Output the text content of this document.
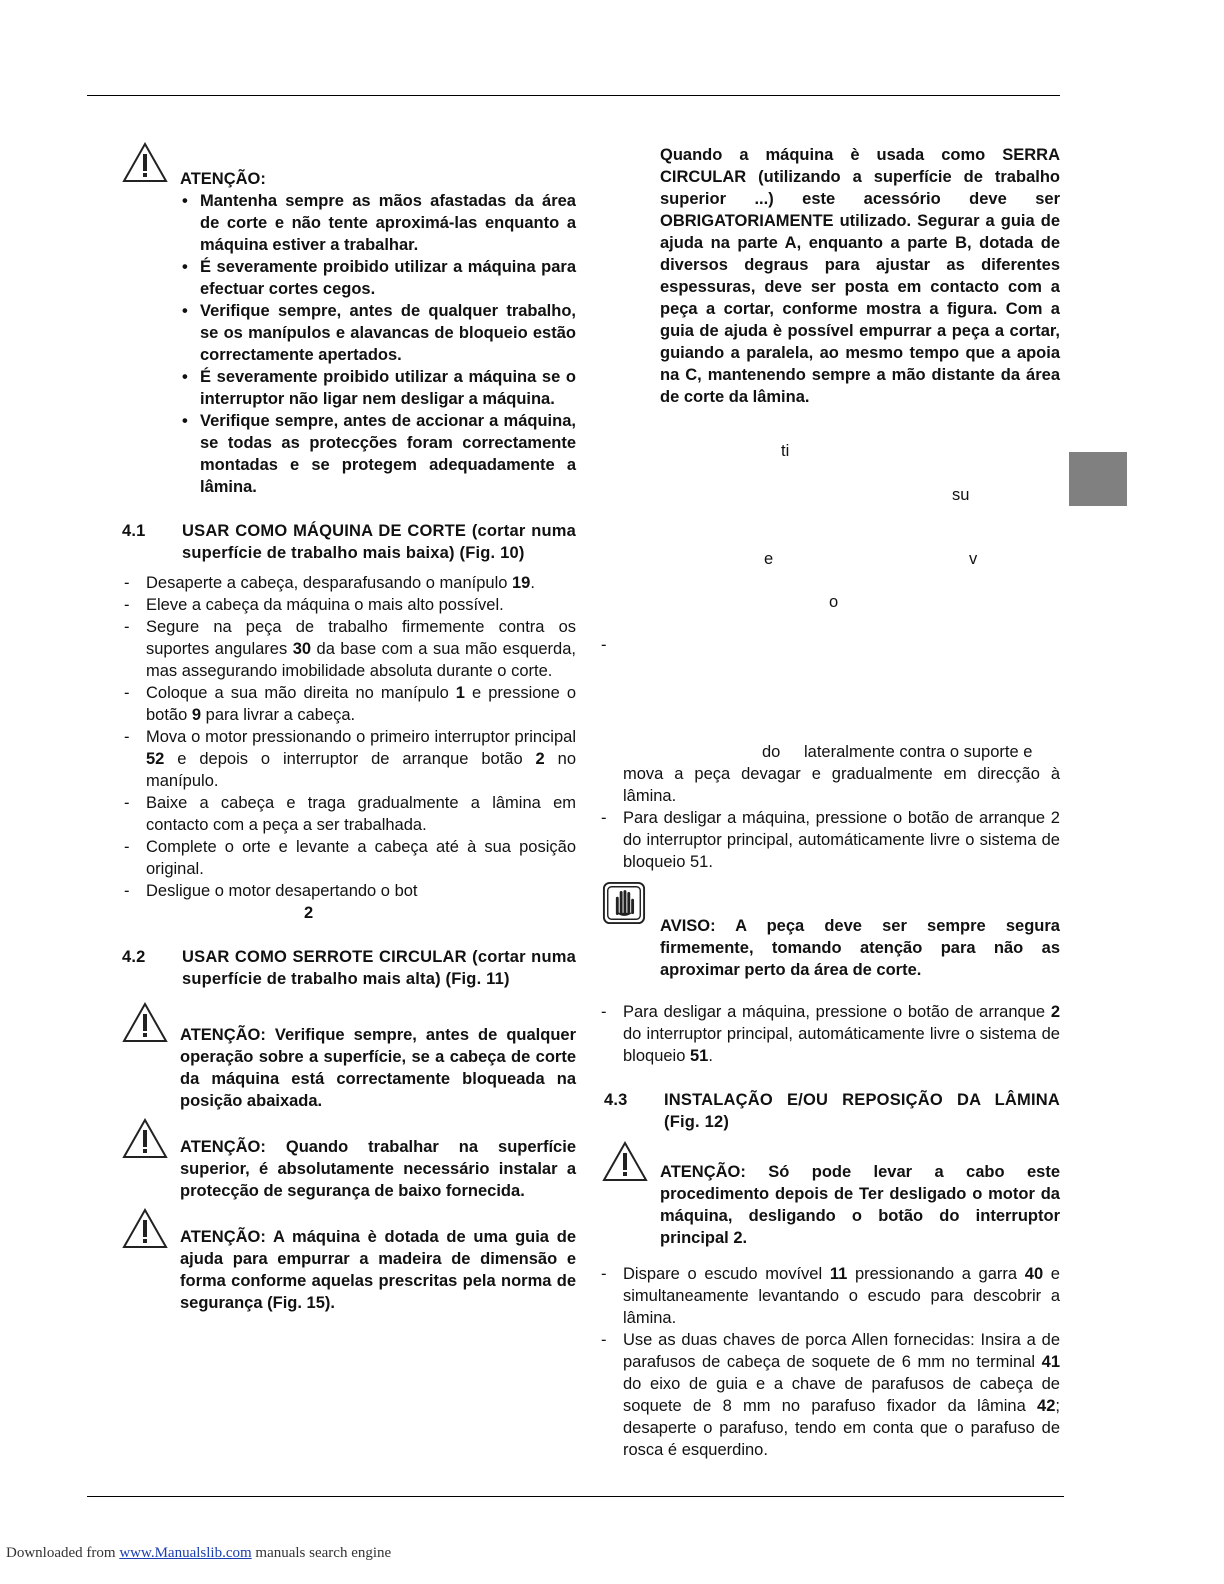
ATENÇÃO:
• Mantenha sempre as mãos afastadas da área de corte e não tente aproximá-las enquanto a máquina estiver a trabalhar.
• É severamente proibido utilizar a máquina para efectuar cortes cegos.
• Verifique sempre, antes de qualquer trabalho, se os manípulos e alavancas de bloqueio estão correctamente apertados.
• É severamente proibido utilizar a máquina se o interruptor não ligar nem desligar a máquina.
• Verifique sempre, antes de accionar a máquina, se todas as protecções foram correctamente montadas e se protegem adequadamente a lâmina.
4.1 USAR COMO MÁQUINA DE CORTE (cortar numa superfície de trabalho mais baixa) (Fig. 10)
- Desaperte a cabeça, desparafusando o manípulo 19.
- Eleve a cabeça da máquina o mais alto possível.
- Segure na peça de trabalho firmemente contra os suportes angulares 30 da base com a sua mão esquerda, mas assegurando imobilidade absoluta durante o corte.
- Coloque a sua mão direita no manípulo 1 e pressione o botão 9 para livrar a cabeça.
- Mova o motor pressionando o primeiro interruptor principal 52 e depois o interruptor de arranque botão 2 no manípulo.
- Baixe a cabeça e traga gradualmente a lâmina em contacto com a peça a ser trabalhada.
- Complete o orte e levante a cabeça até à sua posição original.
- Desligue o motor desapertando o bot
2
4.2 USAR COMO SERROTE CIRCULAR (cortar numa superfície de trabalho mais alta) (Fig. 11)

ATENÇÃO: Verifique sempre, antes de qualquer operação sobre a superfície, se a cabeça de corte da máquina está correctamente bloqueada na posição abaixada.

ATENÇÃO: Quando trabalhar na superfície superior, é absolutamente necessário instalar a protecção de segurança de baixo fornecida.

ATENÇÃO: A máquina è dotada de uma guia de ajuda para empurrar a madeira de dimensão e forma conforme aquelas prescritas pela norma de segurança (Fig. 15).

Quando a máquina è usada como SERRA CIRCULAR (utilizando a superfície de trabalho superior ...) este acessório deve ser OBRIGATORIAMENTE utilizado. Segurar a guia de ajuda na parte A, enquanto a parte B, dotada de diversos degraus para ajustar as diferentes espessuras, deve ser posta em contacto com a peça a cortar, conforme mostra a figura. Com a guia de ajuda è possível empurrar a peça a cortar, guiando a paralela, ao mesmo tempo que a apoia na C, mantenendo sempre a mão distante da área de corte da lâmina.

ti
su
e	v
o
-
do lateralmente contra o suporte e

mova a peça devagar e gradualmente em direcção à lâmina.

- Para desligar a máquina, pressione o botão de arranque 2 do interruptor principal, automáticamente livre o sistema de bloqueio 51.

AVISO: A peça deve ser sempre segura firmemente, tomando atenção para não as aproximar perto da área de corte.

- Para desligar a máquina, pressione o botão de arranque 2 do interruptor principal, automáticamente livre o sistema de bloqueio 51.
4.3 INSTALAÇÃO E/OU REPOSIÇÃO DA LÂMINA (Fig. 12)

ATENÇÃO: Só pode levar a cabo este procedimento depois de Ter desligado o motor da máquina, desligando o botão do interruptor principal 2.

- Dispare o escudo movível 11 pressionando a garra 40 e simultaneamente levantando o escudo para descobrir a lâmina.
- Use as duas chaves de porca Allen fornecidas: Insira a de parafusos de cabeça de soquete de 6 mm no terminal 41 do eixo de guia e a chave de parafusos de cabeça de soquete de 8 mm no parafuso fixador da lâmina 42; desaperte o parafuso, tendo em conta que o parafuso de rosca é esquerdino.
Downloaded from www.Manualslib.com manuals search engine
